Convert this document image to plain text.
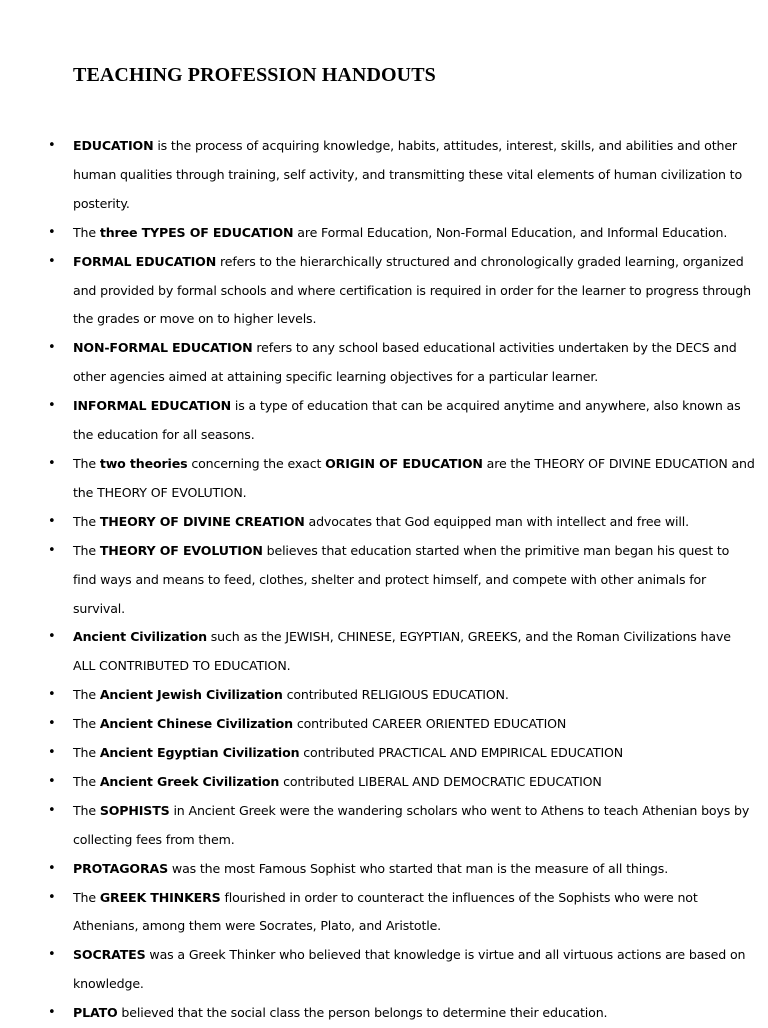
TEACHING PROFESSION HANDOUTS
• EDUCATION is the process of acquiring knowledge, habits, attitudes, interest, skills, and abilities and other human qualities through training, self activity, and transmitting these vital elements of human civilization to posterity.
• The three TYPES OF EDUCATION are Formal Education, Non-Formal Education, and Informal Education.
• FORMAL EDUCATION refers to the hierarchically structured and chronologically graded learning, organized and provided by formal schools and where certification is required in order for the learner to progress through the grades or move on to higher levels.
• NON-FORMAL EDUCATION refers to any school based educational activities undertaken by the DECS and other agencies aimed at attaining specific learning objectives for a particular learner.
• INFORMAL EDUCATION is a type of education that can be acquired anytime and anywhere, also known as the education for all seasons.
• The two theories concerning the exact ORIGIN OF EDUCATION are the THEORY OF DIVINE EDUCATION and the THEORY OF EVOLUTION.
• The THEORY OF DIVINE CREATION advocates that God equipped man with intellect and free will.
• The THEORY OF EVOLUTION believes that education started when the primitive man began his quest to find ways and means to feed, clothes, shelter and protect himself, and compete with other animals for survival.
• Ancient Civilization such as the JEWISH, CHINESE, EGYPTIAN, GREEKS, and the Roman Civilizations have ALL CONTRIBUTED TO EDUCATION.
• The Ancient Jewish Civilization contributed RELIGIOUS EDUCATION.
• The Ancient Chinese Civilization contributed CAREER ORIENTED EDUCATION
• The Ancient Egyptian Civilization contributed PRACTICAL AND EMPIRICAL EDUCATION
• The Ancient Greek Civilization contributed LIBERAL AND DEMOCRATIC EDUCATION
• The SOPHISTS in Ancient Greek were the wandering scholars who went to Athens to teach Athenian boys by collecting fees from them.
• PROTAGORAS was the most Famous Sophist who started that man is the measure of all things.
• The GREEK THINKERS flourished in order to counteract the influences of the Sophists who were not Athenians, among them were Socrates, Plato, and Aristotle.
• SOCRATES was a Greek Thinker who believed that knowledge is virtue and all virtuous actions are based on knowledge.
• PLATO believed that the social class the person belongs to determine their education.
